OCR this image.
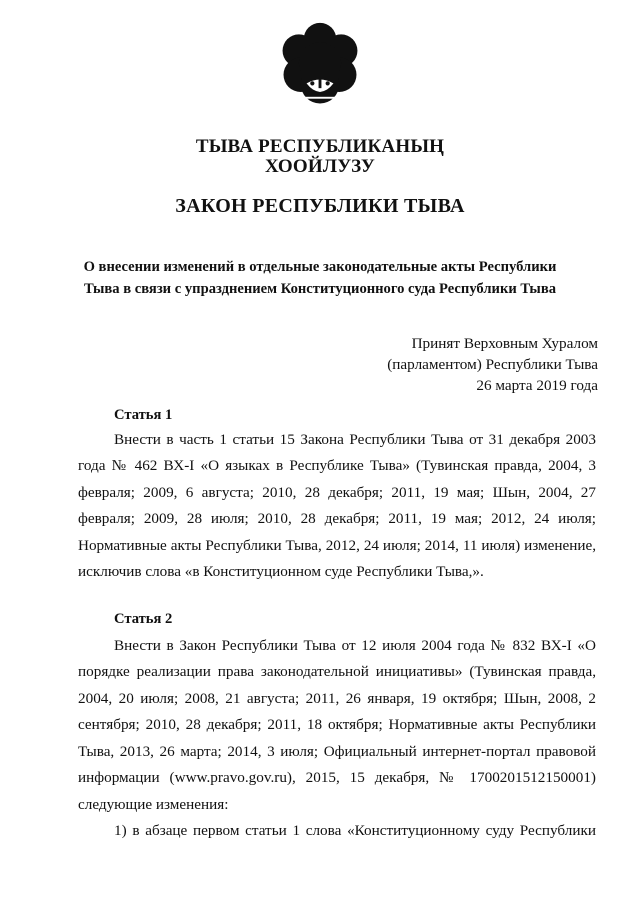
ТЫВА РЕСПУБЛИКАНЫҢ
ХООЙЛУЗУ
ЗАКОН РЕСПУБЛИКИ ТЫВА
О внесении изменений в отдельные законодательные акты Республики
Тыва в связи с упразднением Конституционного суда Республики Тыва
Принят Верховным Хуралом
(парламентом) Республики Тыва
26 марта 2019 года
Статья 1
Внести в часть 1 статьи 15 Закона Республики Тыва от 31 декабря 2003
года № 462 ВХ-I «О языках в Республике Тыва» (Тувинская правда, 2004, 3
февраля; 2009, 6 августа; 2010, 28 декабря; 2011, 19 мая; Шын, 2004, 27
февраля; 2009, 28 июля; 2010, 28 декабря; 2011, 19 мая; 2012, 24 июля;
Нормативные акты Республики Тыва, 2012, 24 июля; 2014, 11 июля) изменение,
исключив слова «в Конституционном суде Республики Тыва,».
Статья 2
Внести в Закон Республики Тыва от 12 июля 2004 года № 832 ВХ-I «О
порядке реализации права законодательной инициативы» (Тувинская правда,
2004, 20 июля; 2008, 21 августа; 2011, 26 января, 19 октября; Шын, 2008, 2
сентября; 2010, 28 декабря; 2011, 18 октября; Нормативные акты Республики
Тыва, 2013, 26 марта; 2014, 3 июля; Официальный интернет-портал правовой
информации (www.pravo.gov.ru), 2015, 15 декабря, № 1700201512150001)
следующие изменения:
1) в абзаце первом статьи 1 слова «Конституционному суду Республики
